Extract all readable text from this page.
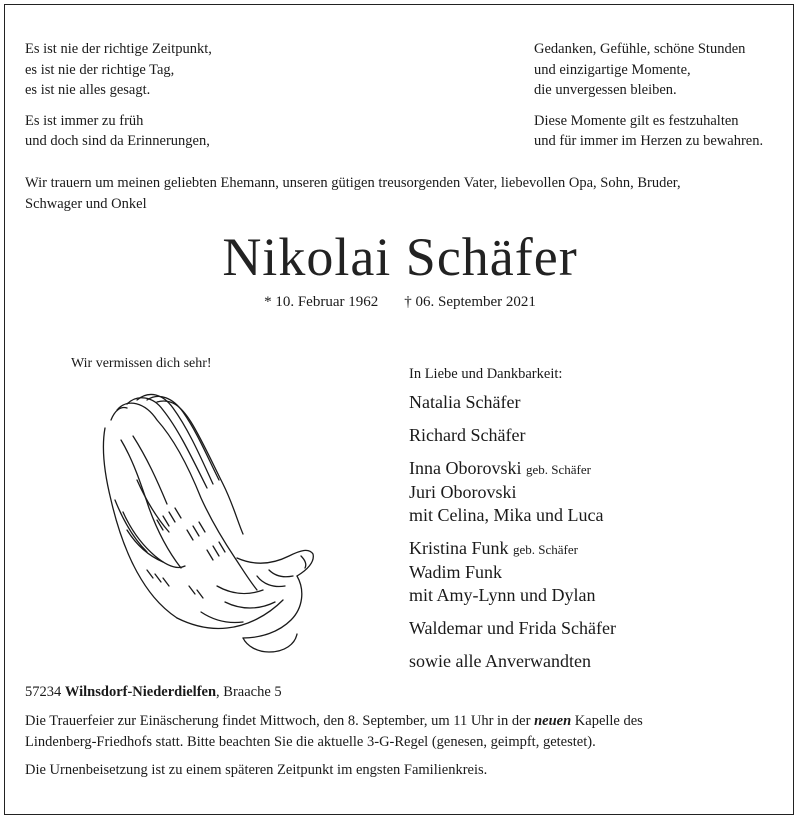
Es ist nie der richtige Zeitpunkt,
es ist nie der richtige Tag,
es ist nie alles gesagt.
Es ist immer zu früh
und doch sind da Erinnerungen,
Gedanken, Gefühle, schöne Stunden
und einzigartige Momente,
die unvergessen bleiben.
Diese Momente gilt es festzuhalten
und für immer im Herzen zu bewahren.
Wir trauern um meinen geliebten Ehemann, unseren gütigen treusorgenden Vater, liebevollen Opa, Sohn, Bruder,
Schwager und Onkel
Nikolai Schäfer
* 10. Februar 1962 † 06. September 2021
Wir vermissen dich sehr!
In Liebe und Dankbarkeit:
Natalia Schäfer
Richard Schäfer
Inna Oborovski geb. Schäfer
Juri Oborovski
mit Celina, Mika und Luca
Kristina Funk geb. Schäfer
Wadim Funk
mit Amy-Lynn und Dylan
Waldemar und Frida Schäfer
sowie alle Anverwandten
57234 Wilnsdorf-Niederdielfen, Braache 5
Die Trauerfeier zur Einäscherung findet Mittwoch, den 8. September, um 11 Uhr in der neuen Kapelle des
Lindenberg-Friedhofs statt. Bitte beachten Sie die aktuelle 3-G-Regel (genesen, geimpft, getestet).
Die Urnenbeisetzung ist zu einem späteren Zeitpunkt im engsten Familienkreis.
